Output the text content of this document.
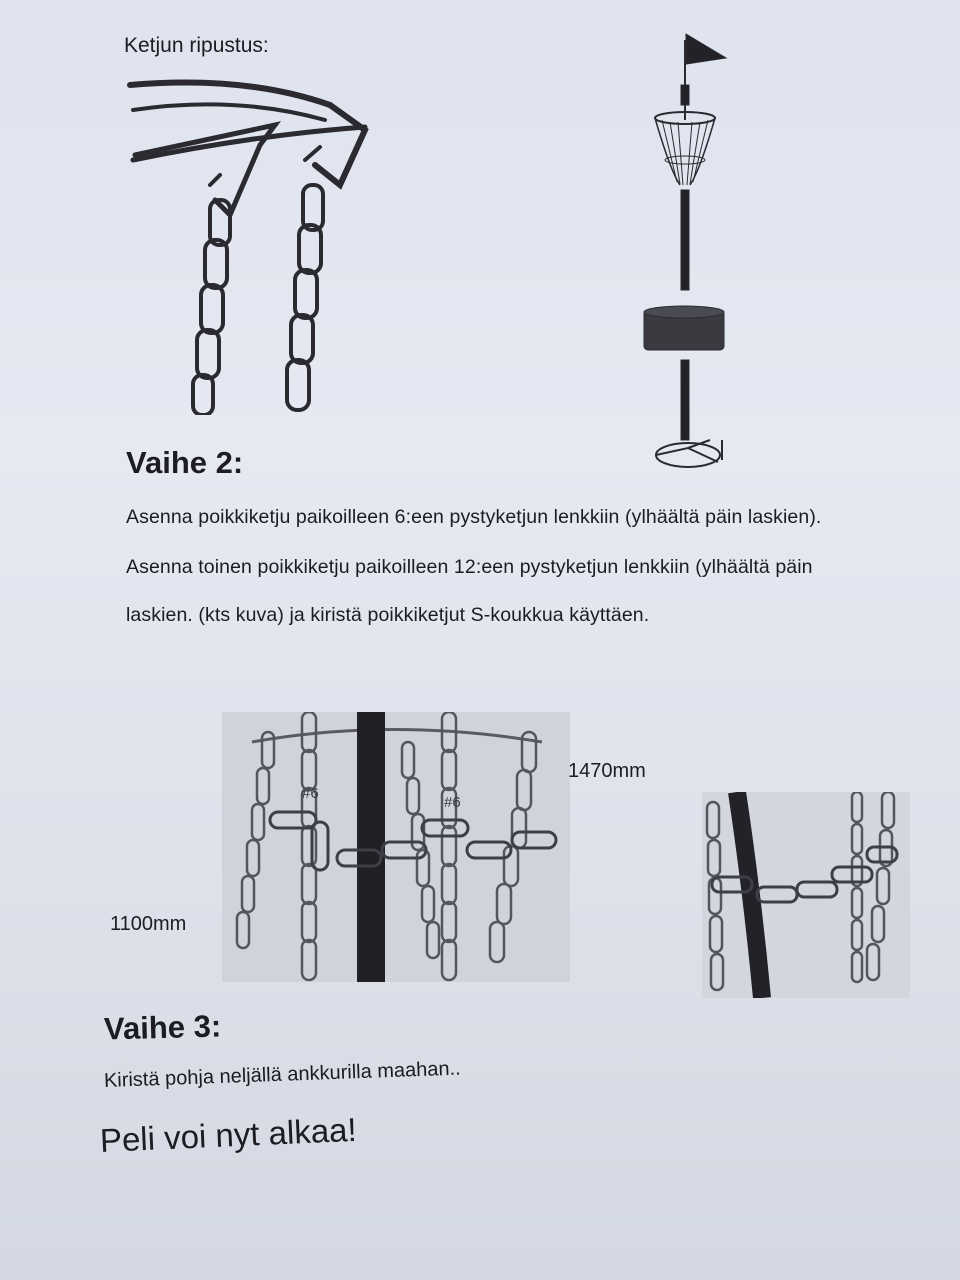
Ketjun ripustus:
Vaihe 2:
Asenna poikkiketju paikoilleen 6:een pystyketjun lenkkiin (ylhäältä päin laskien).
Asenna toinen poikkiketju paikoilleen 12:een pystyketjun lenkkiin (ylhäältä päin
laskien. (kts kuva) ja kiristä poikkiketjut S-koukkua käyttäen.
#6
#6
1470mm
1100mm
Vaihe 3:
Kiristä pohja neljällä ankkurilla maahan..
Peli voi nyt alkaa!
